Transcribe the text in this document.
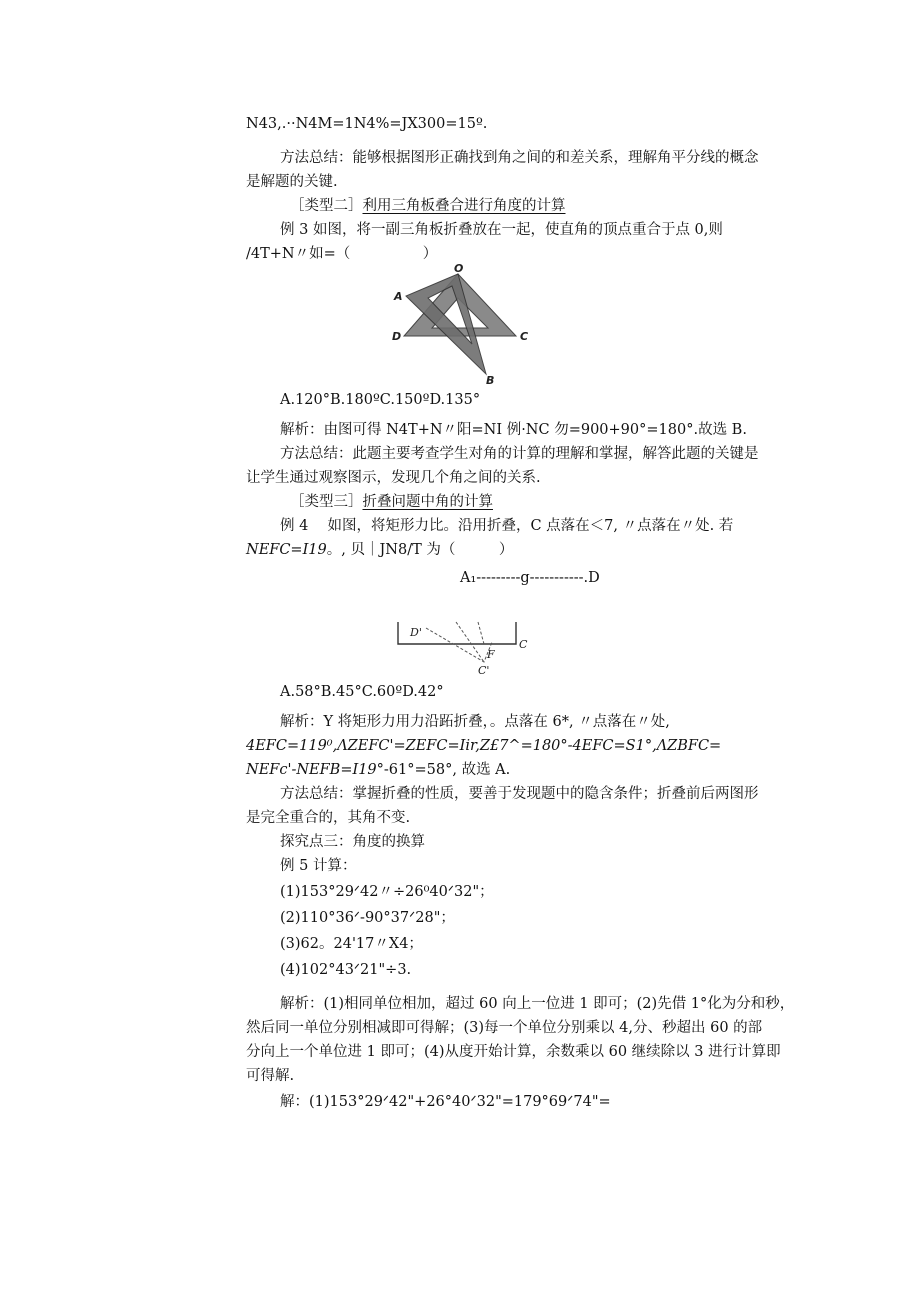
N43,.··N4M=1N4%=JX300=15º.
方法总结：能够根据图形正确找到角之间的和差关系，理解角平分线的概念
是解题的关键.
［类型二］利用三角板叠合进行角度的计算
例 3 如图，将一副三角板折叠放在一起，使直角的顶点重合于点 0,则
/4T+N〃如=（　　　　　）
O
A
D	C
B
A.120°B.180ºC.150ºD.135°
解析：由图可得 N4T+N〃阳=NI 例·NC 勿=900+90°=180°.故选 B.
方法总结：此题主要考查学生对角的计算的理解和掌握，解答此题的关键是
让学生通过观察图示，发现几个角之间的关系.
［类型三］折叠问题中角的计算
例 4　 如图，将矩形力比。沿用折叠，C 点落在＜7, 〃点落在〃处. 若
NEFC=I19。, 贝｜JN8/T 为（　　　）
A₁---------g-----------.D
D'
F
C
C'
A.58°B.45°C.60ºD.42°
解析：Y 将矩形力用力沿跖折叠，。点落在 6*, 〃点落在〃处,
4EFC=119⁰,ΛZEFC'=ZEFC=Iir,Z£7^=180°-4EFC=S1°,ΛZBFC=
NEFc'-NEFB=I19°-61°=58°, 故选 A.
方法总结：掌握折叠的性质，要善于发现题中的隐含条件；折叠前后两图形
是完全重合的，其角不变.
探究点三：角度的换算
例 5 计算：
(1)153°29ᐟ42〃÷26⁰40ᐟ32"；
(2)110°36ᐟ-90°37ᐟ28"；
(3)62。24'17〃X4；
(4)102°43ᐟ21"÷3.
解析：(1)相同单位相加，超过 60 向上一位进 1 即可；(2)先借 1°化为分和秒，
然后同一单位分别相减即可得解；(3)每一个单位分别乘以 4,分、秒超出 60 的部
分向上一个单位进 1 即可；(4)从度开始计算，余数乘以 60 继续除以 3 进行计算即
可得解.
解：(1)153°29ᐟ42"+26°40ᐟ32"=179°69ᐟ74"=
